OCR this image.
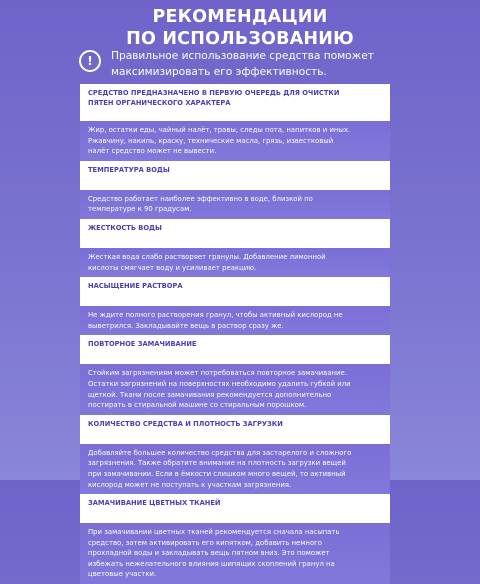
РЕКОМЕНДАЦИИ
ПО ИСПОЛЬЗОВАНИЮ
!	Правильное использование средства поможет
максимизировать его эффективность.
СРЕДСТВО ПРЕДНАЗНАЧЕНО В ПЕРВУЮ ОЧЕРЕДЬ ДЛЯ ОЧИСТКИ
ПЯТЕН ОРГАНИЧЕСКОГО ХАРАКТЕРА
Жир, остатки еды, чайный налёт, травы, следы пота, напитков и иных.
Ржавчину, накипь, краску, технические масла, грязь, известковый
налёт средство может не вывести.
ТЕМПЕРАТУРА ВОДЫ
Средство работает наиболее эффективно в воде, близкой по
температуре к 90 градусам.
ЖЕСТКОСТЬ ВОДЫ
Жесткая вода слабо растворяет гранулы. Добавление лимонной
кислоты смягчает воду и усиливает реакцию.
НАСЫЩЕНИЕ РАСТВОРА
Не ждите полного растворения гранул, чтобы активный кислород не
выветрился. Закладывайте вещь в раствор сразу же.
ПОВТОРНОЕ ЗАМАЧИВАНИЕ
Стойким загрязнениям может потребоваться повторное замачивание.
Остатки загрязнений на поверхностях необходимо удалить губкой или
щеткой. Ткани после замачивания рекомендуется дополнительно
постирать в стиральной машине со стиральным порошком.
КОЛИЧЕСТВО СРЕДСТВА И ПЛОТНОСТЬ ЗАГРУЗКИ
Добавляйте большее количество средства для застарелого и сложного
загрязнения. Также обратите внимание на плотность загрузки вещей
при замачивании. Если в ёмкости слишком много вещей, то активный
кислород может не поступать к участкам загрязнения.
ЗАМАЧИВАНИЕ ЦВЕТНЫХ ТКАНЕЙ
При замачивании цветных тканей рекомендуется сначала насыпать
средство, затем активировать его кипятком, добавить немного
прохладной воды и закладывать вещь пятном вниз. Это поможет
избежать нежелательного влияния шипящих скоплений гранул на
цветовые участки.
